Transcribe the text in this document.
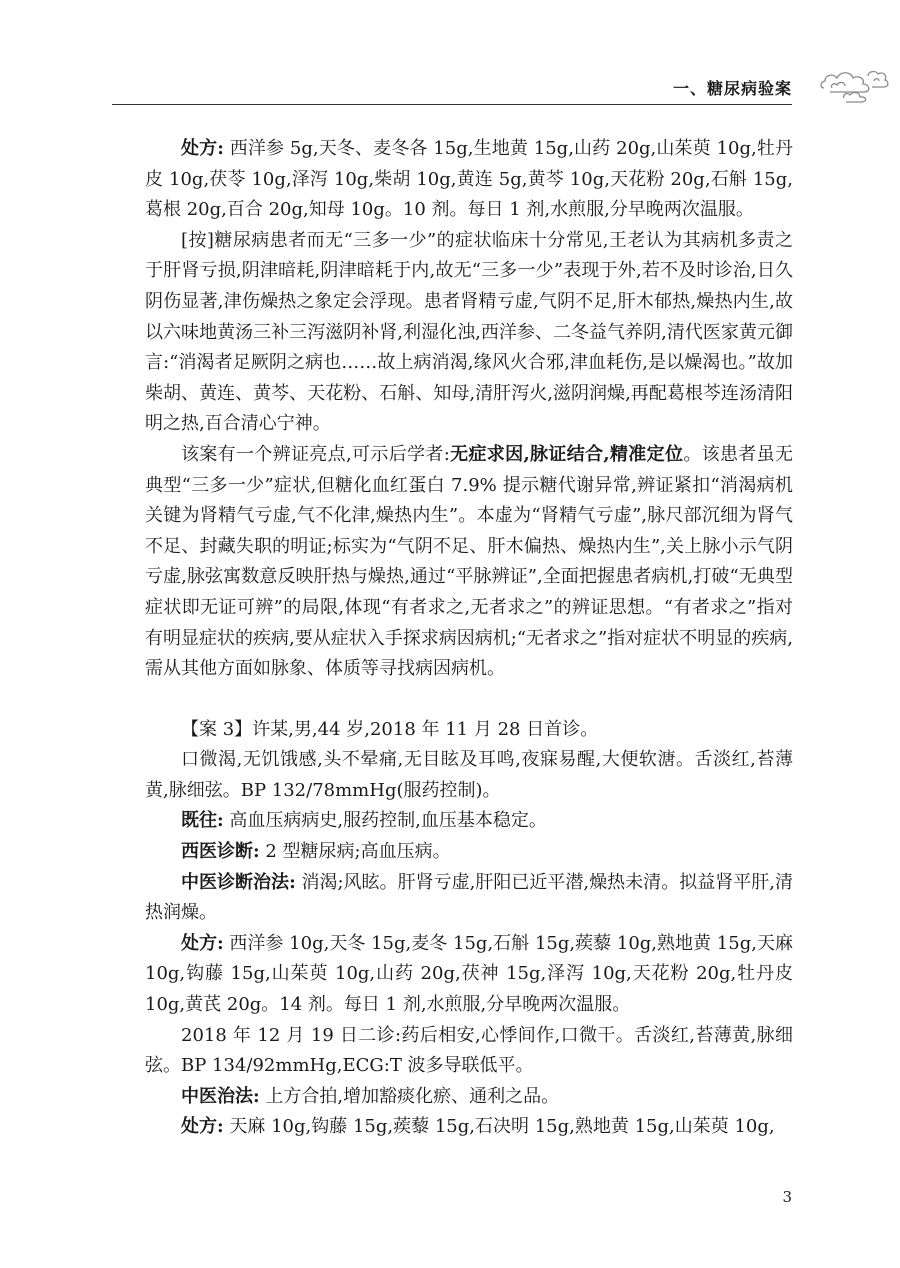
一、糖尿病验案

处方: 西洋参 5g,天冬、麦冬各 15g,生地黄 15g,山药 20g,山茱萸 10g,牡丹皮 10g,茯苓 10g,泽泻 10g,柴胡 10g,黄连 5g,黄芩 10g,天花粉 20g,石斛 15g,葛根 20g,百合 20g,知母 10g。10 剂。每日 1 剂,水煎服,分早晚两次温服。

[按]糖尿病患者而无“三多一少”的症状临床十分常见,王老认为其病机多责之于肝肾亏损,阴津暗耗,阴津暗耗于内,故无“三多一少”表现于外,若不及时诊治,日久阴伤显著,津伤燥热之象定会浮现。患者肾精亏虚,气阴不足,肝木郁热,燥热内生,故以六味地黄汤三补三泻滋阴补肾,利湿化浊,西洋参、二冬益气养阴,清代医家黄元御言:“消渴者足厥阴之病也……故上病消渴,缘风火合邪,津血耗伤,是以燥渴也。”故加柴胡、黄连、黄芩、天花粉、石斛、知母,清肝泻火,滋阴润燥,再配葛根芩连汤清阳明之热,百合清心宁神。

该案有一个辨证亮点,可示后学者:无症求因,脉证结合,精准定位。该患者虽无典型“三多一少”症状,但糖化血红蛋白 7.9% 提示糖代谢异常,辨证紧扣“消渴病机关键为肾精气亏虚,气不化津,燥热内生”。本虚为“肾精气亏虚”,脉尺部沉细为肾气不足、封藏失职的明证;标实为“气阴不足、肝木偏热、燥热内生”,关上脉小示气阴亏虚,脉弦寓数意反映肝热与燥热,通过“平脉辨证”,全面把握患者病机,打破“无典型症状即无证可辨”的局限,体现“有者求之,无者求之”的辨证思想。“有者求之”指对有明显症状的疾病,要从症状入手探求病因病机;“无者求之”指对症状不明显的疾病,需从其他方面如脉象、体质等寻找病因病机。

【案 3】许某,男,44 岁,2018 年 11 月 28 日首诊。

口微渴,无饥饿感,头不晕痛,无目眩及耳鸣,夜寐易醒,大便软溏。舌淡红,苔薄黄,脉细弦。BP 132/78mmHg(服药控制)。

既往: 高血压病病史,服药控制,血压基本稳定。

西医诊断: 2 型糖尿病;高血压病。

中医诊断治法: 消渴;风眩。肝肾亏虚,肝阳已近平潜,燥热未清。拟益肾平肝,清热润燥。

处方: 西洋参 10g,天冬 15g,麦冬 15g,石斛 15g,蒺藜 10g,熟地黄 15g,天麻 10g,钩藤 15g,山茱萸 10g,山药 20g,茯神 15g,泽泻 10g,天花粉 20g,牡丹皮 10g,黄芪 20g。14 剂。每日 1 剂,水煎服,分早晚两次温服。

2018 年 12 月 19 日二诊:药后相安,心悸间作,口微干。舌淡红,苔薄黄,脉细弦。BP 134/92mmHg,ECG:T 波多导联低平。

中医治法: 上方合拍,增加豁痰化瘀、通利之品。

处方: 天麻 10g,钩藤 15g,蒺藜 15g,石决明 15g,熟地黄 15g,山茱萸 10g,

3
